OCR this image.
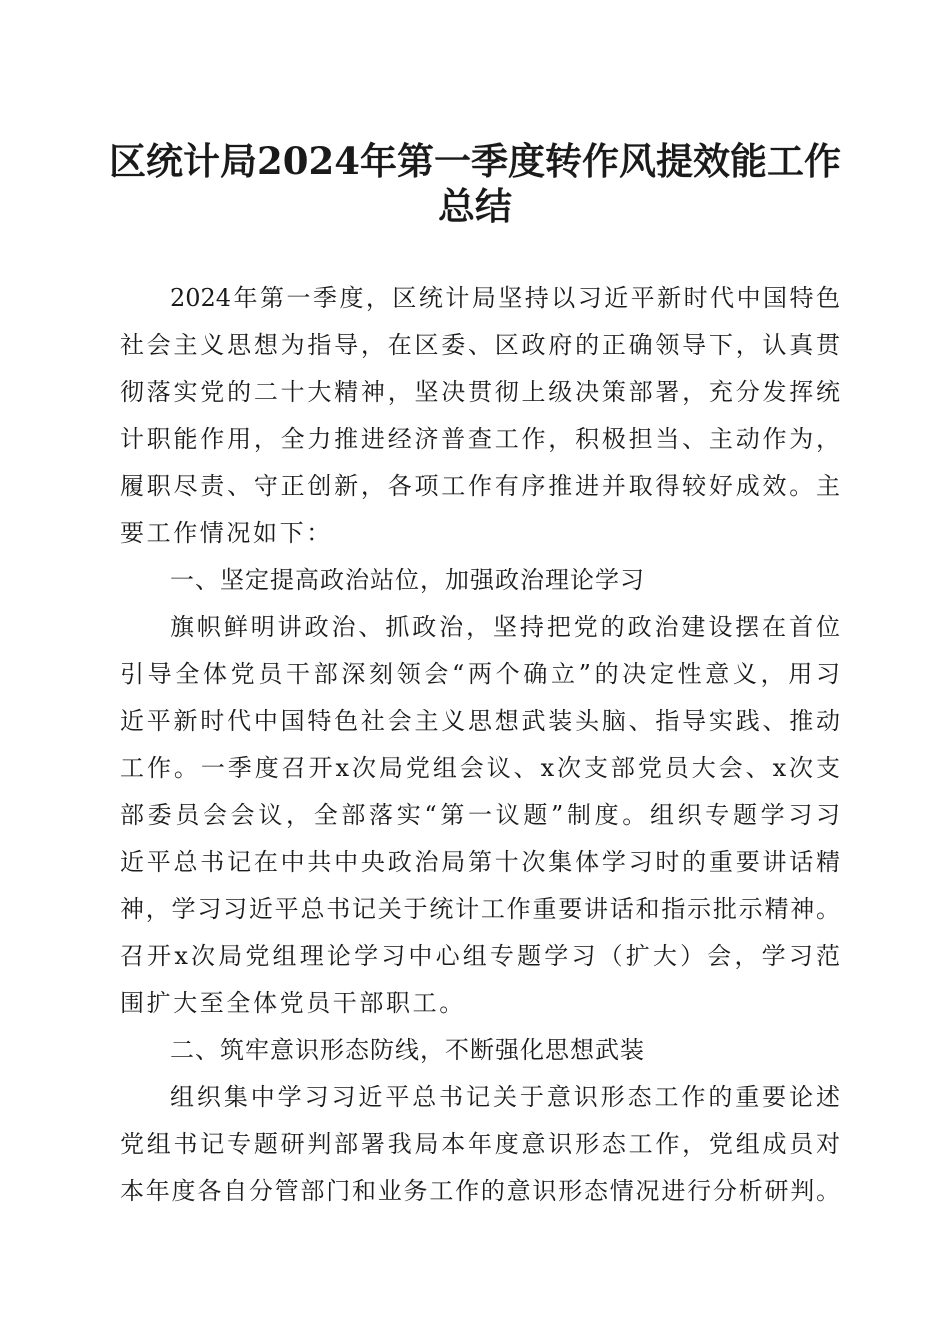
区统计局2024年第一季度转作风提效能工作
总结
2024年第一季度，区统计局坚持以习近平新时代中国特色
社会主义思想为指导，在区委、区政府的正确领导下，认真贯
彻落实党的二十大精神，坚决贯彻上级决策部署，充分发挥统
计职能作用，全力推进经济普查工作，积极担当、主动作为，
履职尽责、守正创新，各项工作有序推进并取得较好成效。主
要工作情况如下：
一、坚定提高政治站位，加强政治理论学习
旗帜鲜明讲政治、抓政治，坚持把党的政治建设摆在首位
引导全体党员干部深刻领会“两个确立”的决定性意义，用习
近平新时代中国特色社会主义思想武装头脑、指导实践、推动
工作。一季度召开x次局党组会议、x次支部党员大会、x次支
部委员会会议，全部落实“第一议题”制度。组织专题学习习
近平总书记在中共中央政治局第十次集体学习时的重要讲话精
神，学习习近平总书记关于统计工作重要讲话和指示批示精神。
召开x次局党组理论学习中心组专题学习（扩大）会，学习范
围扩大至全体党员干部职工。
二、筑牢意识形态防线，不断强化思想武装
组织集中学习习近平总书记关于意识形态工作的重要论述
党组书记专题研判部署我局本年度意识形态工作，党组成员对
本年度各自分管部门和业务工作的意识形态情况进行分析研判。
